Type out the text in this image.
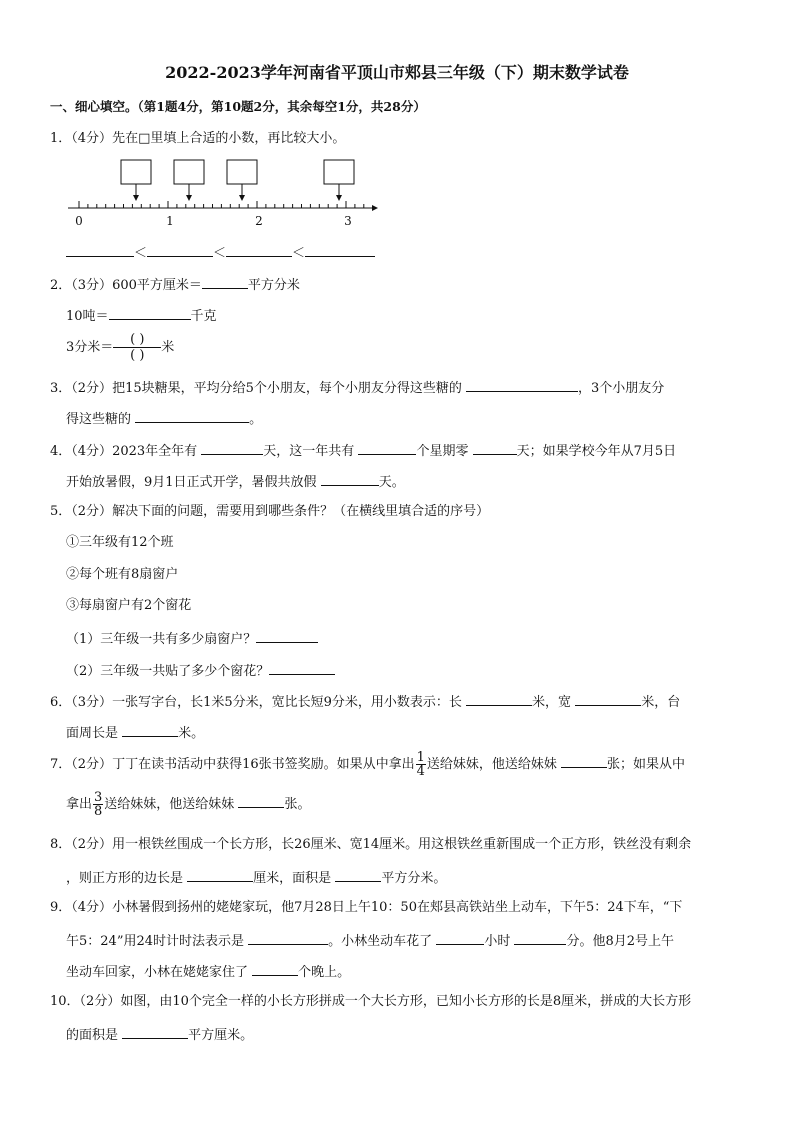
2022-2023学年河南省平顶山市郏县三年级（下）期末数学试卷
一、细心填空。（第1题4分，第10题2分，其余每空1分，共28分）
1．（4分）先在□里填上合适的小数，再比较大小。
0	1	2	3
＜	＜	＜
2．（3分）600平方厘米＝	平方分米
10吨＝	千克
3分米＝ $\frac{( )}{( )}$ 米
3．（2分）把15块糖果，平均分给5个小朋友，每个小朋友分得这些糖的	，3个小朋友分
得这些糖的	。
4．（4分）2023年全年有	天，这一年共有	个星期零	天；如果学校今年从7月5日
开始放暑假，9月1日正式开学，暑假共放假	天。
5．（2分）解决下面的问题，需要用到哪些条件？（在横线里填合适的序号）
①三年级有12个班
②每个班有8扇窗户
③每扇窗户有2个窗花
（1）三年级一共有多少扇窗户？
（2）三年级一共贴了多少个窗花？
6．（3分）一张写字台，长1米5分米，宽比长短9分米，用小数表示：长	米，宽	米，台
面周长是	米。
7．（2分）丁丁在读书活动中获得16张书签奖励。如果从中拿出 $\frac{1}{4}$ 送给妹妹，他送给妹妹	张；如果从中
拿出 $\frac{3}{8}$ 送给妹妹，他送给妹妹	张。
8．（2分）用一根铁丝围成一个长方形，长26厘米、宽14厘米。用这根铁丝重新围成一个正方形，铁丝没有剩余
，则正方形的边长是	厘米，面积是	平方分米。
9．（4分）小林暑假到扬州的姥姥家玩，他7月28日上午10：50在郏县高铁站坐上动车，下午5：24下车，“下
午5：24”用24时计时法表示是	。小林坐动车花了	小时	分。他8月2号上午
坐动车回家，小林在姥姥家住了	个晚上。
10．（2分）如图，由10个完全一样的小长方形拼成一个大长方形，已知小长方形的长是8厘米，拼成的大长方形
的面积是	平方厘米。
